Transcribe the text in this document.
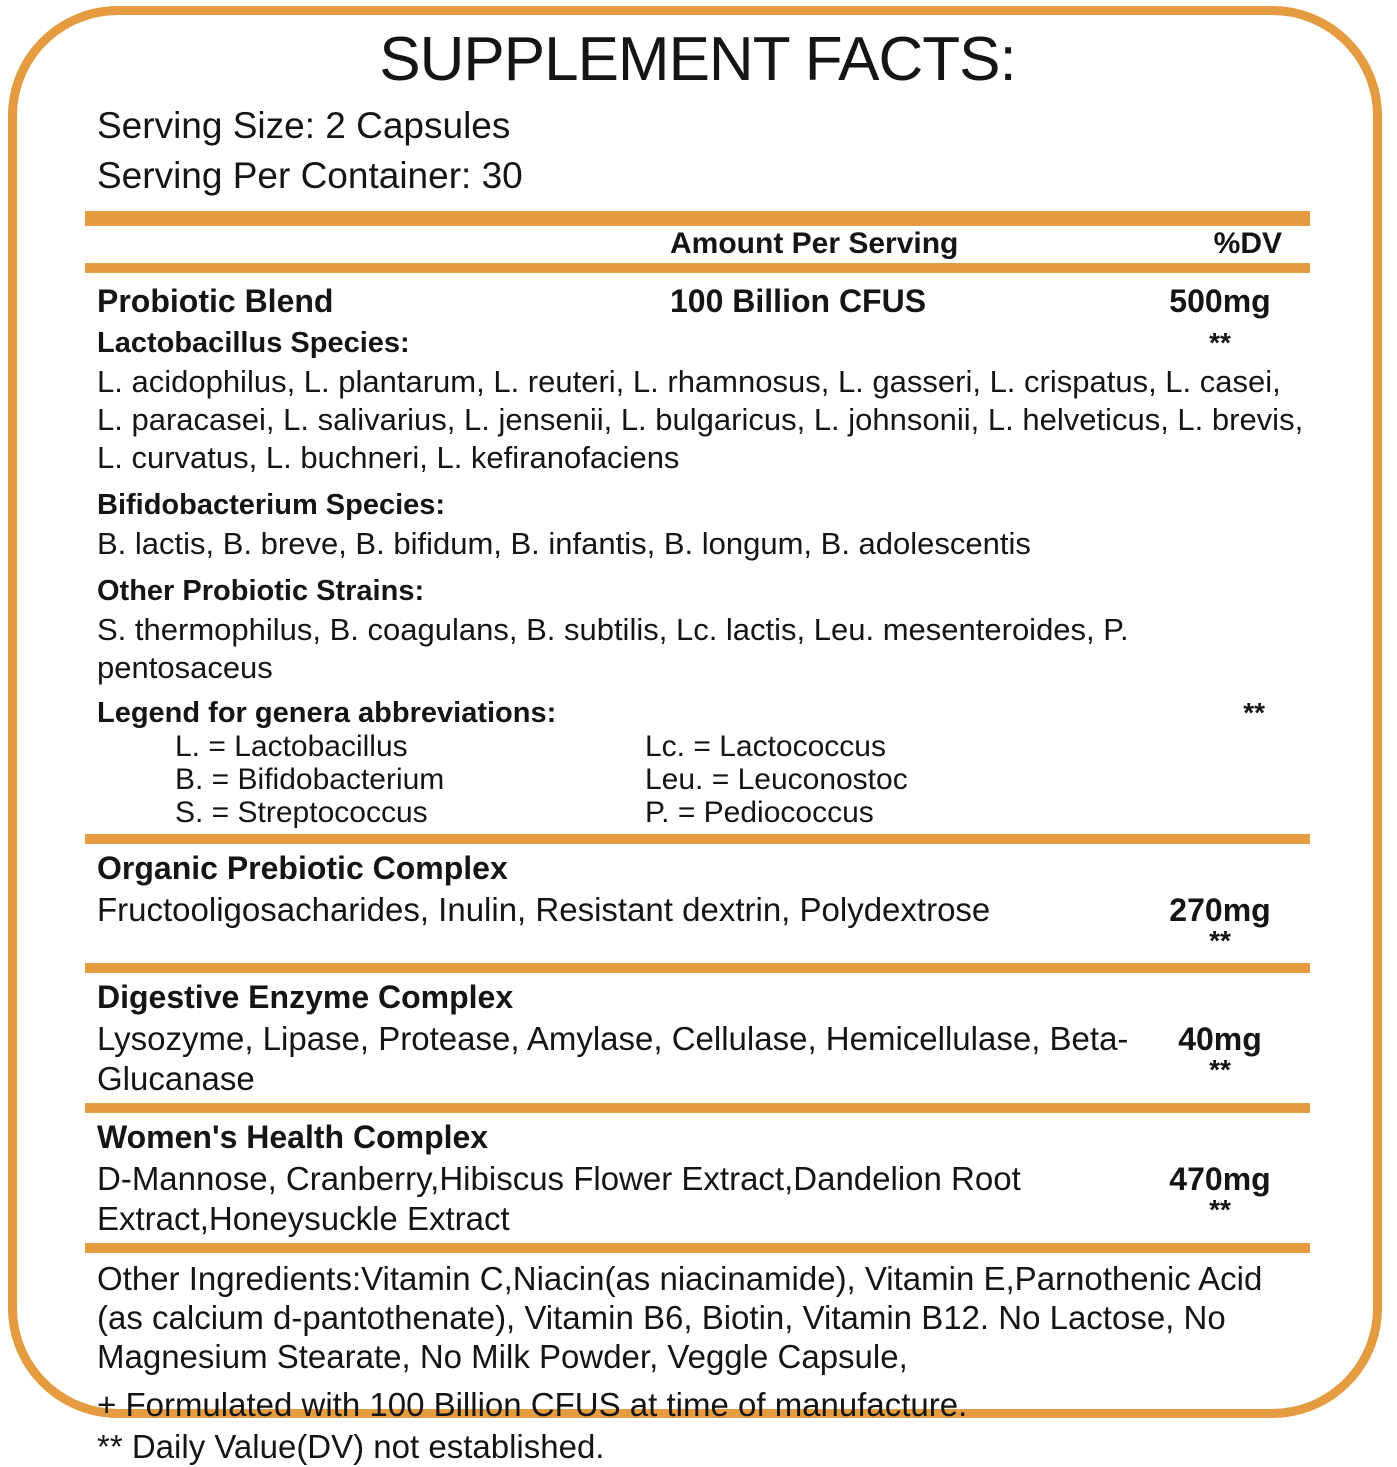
SUPPLEMENT FACTS:
Serving Size: 2 Capsules
Serving Per Container: 30
Amount Per Serving	%DV
Probiotic Blend	100 Billion CFUS	500mg
**
Lactobacillus Species:
L. acidophilus, L. plantarum, L. reuteri, L. rhamnosus, L. gasseri, L. crispatus, L. casei, L. paracasei, L. salivarius, L. jensenii, L. bulgaricus, L. johnsonii, L. helveticus, L. brevis, L. curvatus, L. buchneri, L. kefiranofaciens
Bifidobacterium Species:
B. lactis, B. breve, B. bifidum, B. infantis, B. longum, B. adolescentis
Other Probiotic Strains:
S. thermophilus, B. coagulans, B. subtilis, Lc. lactis, Leu. mesenteroides, P. pentosaceus
Legend for genera abbreviations:	**
L. = Lactobacillus
B. = Bifidobacterium
S. = Streptococcus
Lc. = Lactococcus
Leu. = Leuconostoc
P. = Pediococcus
Organic Prebiotic Complex
Fructooligosacharides, Inulin, Resistant dextrin, Polydextrose	270mg
**
Digestive Enzyme Complex
Lysozyme, Lipase, Protease, Amylase, Cellulase, Hemicellulase, Beta-Glucanase
40mg
**
Women's Health Complex
D-Mannose, Cranberry,Hibiscus Flower Extract,Dandelion Root Extract,Honeysuckle Extract
470mg
**
Other Ingredients:Vitamin C,Niacin(as niacinamide), Vitamin E,Parnothenic Acid (as calcium d-pantothenate), Vitamin B6, Biotin, Vitamin B12. No Lactose, No Magnesium Stearate, No Milk Powder, Veggle Capsule,
+ Formulated with 100 Billion CFUS at time of manufacture.
** Daily Value(DV) not established.
